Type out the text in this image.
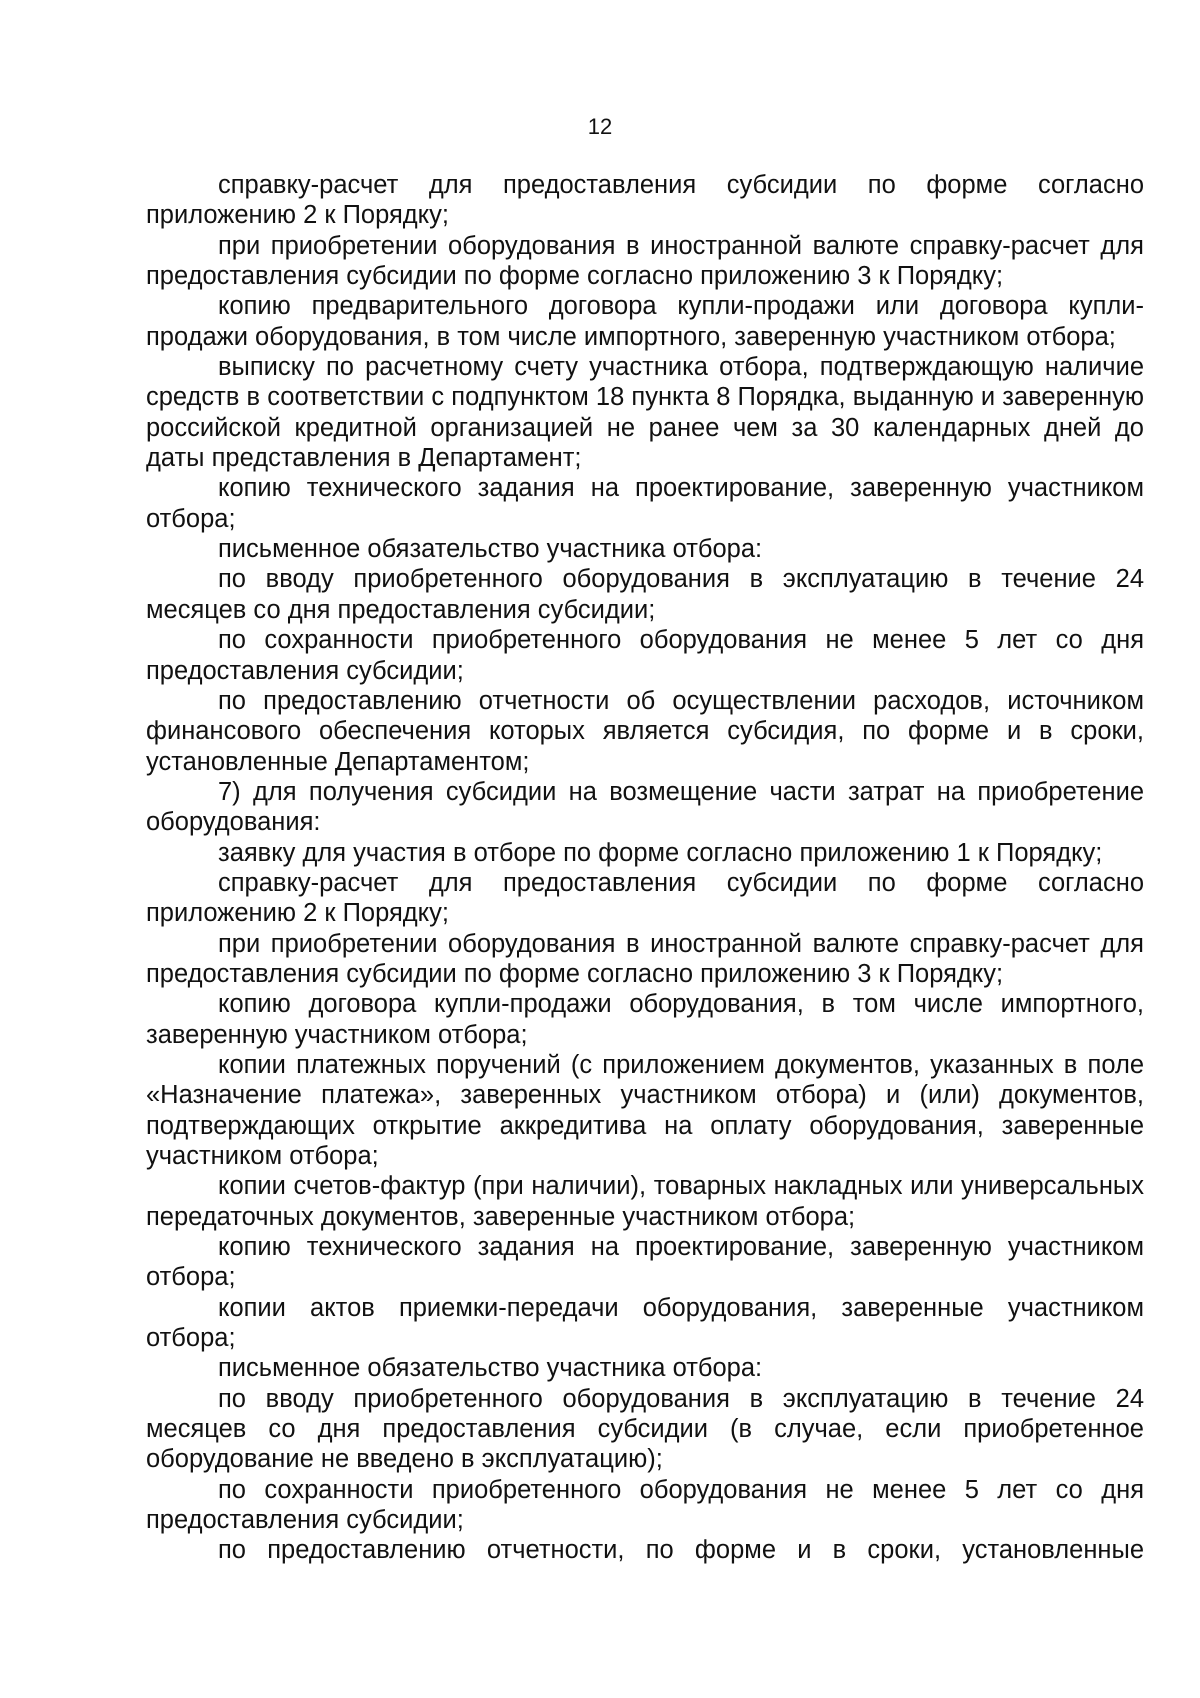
12

справку-расчет для предоставления субсидии по форме согласно приложению 2 к Порядку;

при приобретении оборудования в иностранной валюте справку-расчет для предоставления субсидии по форме согласно приложению 3 к Порядку;

копию предварительного договора купли-продажи или договора купли-продажи оборудования, в том числе импортного, заверенную участником отбора;

выписку по расчетному счету участника отбора, подтверждающую наличие средств в соответствии с подпунктом 18 пункта 8 Порядка, выданную и заверенную российской кредитной организацией не ранее чем за 30 календарных дней до даты представления в Департамент;

копию технического задания на проектирование, заверенную участником отбора;

письменное обязательство участника отбора:

по вводу приобретенного оборудования в эксплуатацию в течение 24 месяцев со дня предоставления субсидии;

по сохранности приобретенного оборудования не менее 5 лет со дня предоставления субсидии;

по предоставлению отчетности об осуществлении расходов, источником финансового обеспечения которых является субсидия, по форме и в сроки, установленные Департаментом;

7) для получения субсидии на возмещение части затрат на приобретение оборудования:

заявку для участия в отборе по форме согласно приложению 1 к Порядку;

справку-расчет для предоставления субсидии по форме согласно приложению 2 к Порядку;

при приобретении оборудования в иностранной валюте справку-расчет для предоставления субсидии по форме согласно приложению 3 к Порядку;

копию договора купли-продажи оборудования, в том числе импортного, заверенную участником отбора;

копии платежных поручений (с приложением документов, указанных в поле «Назначение платежа», заверенных участником отбора) и (или) документов, подтверждающих открытие аккредитива на оплату оборудования, заверенные участником отбора;

копии счетов-фактур (при наличии), товарных накладных или универсальных передаточных документов, заверенные участником отбора;

копию технического задания на проектирование, заверенную участником отбора;

копии актов приемки-передачи оборудования, заверенные участником отбора;

письменное обязательство участника отбора:

по вводу приобретенного оборудования в эксплуатацию в течение 24 месяцев со дня предоставления субсидии (в случае, если приобретенное оборудование не введено в эксплуатацию);

по сохранности приобретенного оборудования не менее 5 лет со дня предоставления субсидии;

по предоставлению отчетности, по форме и в сроки, установленные
